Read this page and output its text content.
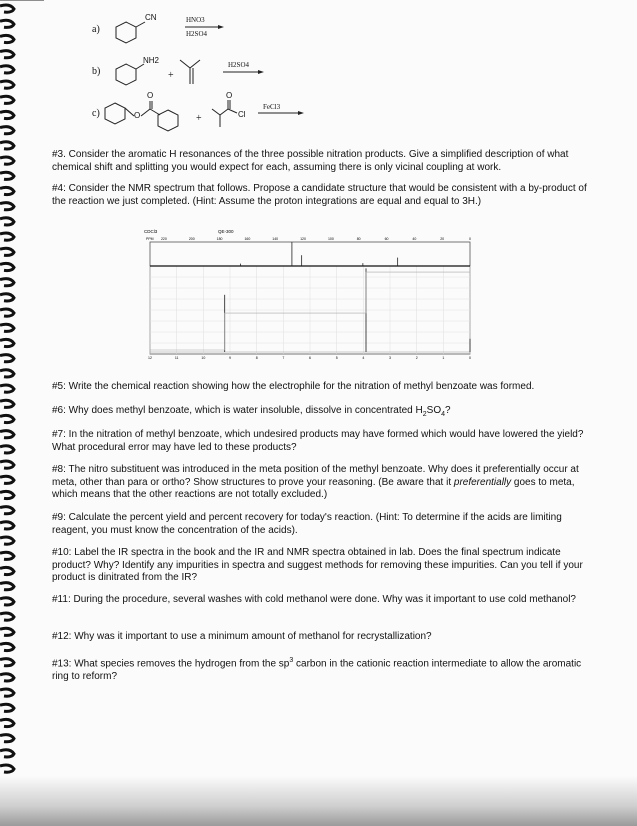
a)
b)
c)
CN	HNO3
H2SO4
NH2
+
H2SO4
O
O
+
O
Cl
FeCl3
#3. Consider the aromatic H resonances of the three possible nitration products. Give a simplified description of what chemical shift and splitting you would expect for each, assuming there is only vicinal coupling at work.
#4: Consider the NMR spectrum that follows. Propose a candidate structure that would be consistent with a by-product of the reaction we just completed. (Hint: Assume the proton integrations are equal and equal to 3H.)
CDCl3	QE-300
PPM 220	200	180	160	140	120	100	80	60	40	20	0
12	11	10	9	8	7	6	5	4	3	2	1	0
#5: Write the chemical reaction showing how the electrophile for the nitration of methyl benzoate was formed.
#6: Why does methyl benzoate, which is water insoluble, dissolve in concentrated $H_2SO_4$?
#7: In the nitration of methyl benzoate, which undesired products may have formed which would have lowered the yield? What procedural error may have led to these products?
#8: The nitro substituent was introduced in the meta position of the methyl benzoate. Why does it preferentially occur at meta, other than para or ortho? Show structures to prove your reasoning. (Be aware that it preferentially goes to meta, which means that the other reactions are not totally excluded.)
#9: Calculate the percent yield and percent recovery for today's reaction. (Hint: To determine if the acids are limiting reagent, you must know the concentration of the acids).
#10: Label the IR spectra in the book and the IR and NMR spectra obtained in lab. Does the final spectrum indicate product? Why? Identify any impurities in spectra and suggest methods for removing these impurities. Can you tell if your product is dinitrated from the IR?
#11: During the procedure, several washes with cold methanol were done. Why was it important to use cold methanol?
#12: Why was it important to use a minimum amount of methanol for recrystallization?
#13: What species removes the hydrogen from the $sp^3$ carbon in the cationic reaction intermediate to allow the aromatic ring to reform?
